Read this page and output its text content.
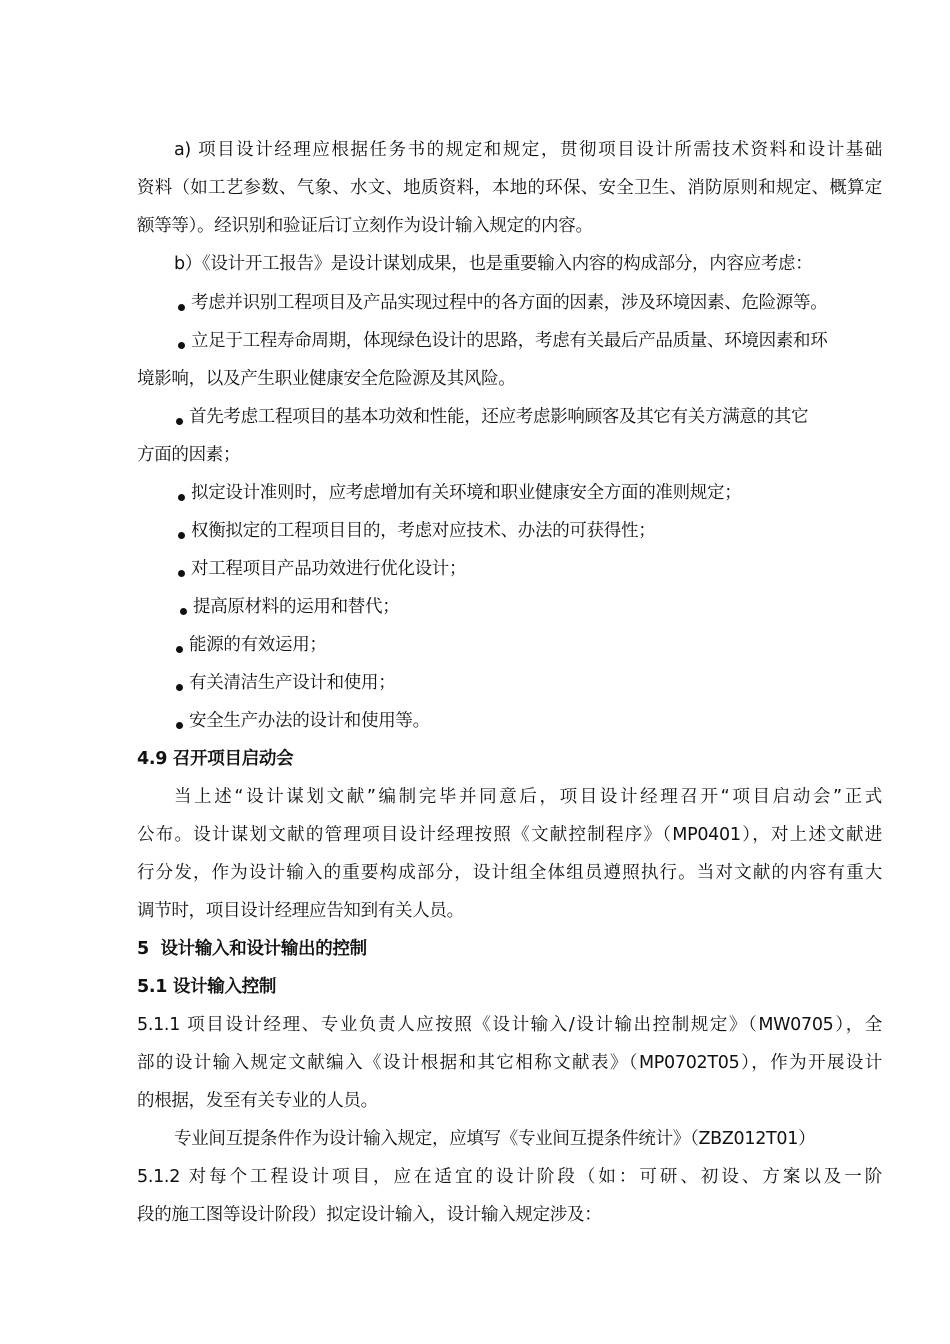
a) 项目设计经理应根据任务书的规定和规定，贯彻项目设计所需技术资料和设计基础
资料（如工艺参数、气象、水文、地质资料，本地的环保、安全卫生、消防原则和规定、概算定
额等等）。经识别和验证后订立刻作为设计输入规定的内容。
b）《设计开工报告》是设计谋划成果，也是重要输入内容的构成部分，内容应考虑：
考虑并识别工程项目及产品实现过程中的各方面的因素，涉及环境因素、危险源等。
立足于工程寿命周期，体现绿色设计的思路，考虑有关最后产品质量、环境因素和环
境影响，以及产生职业健康安全危险源及其风险。
首先考虑工程项目的基本功效和性能，还应考虑影响顾客及其它有关方满意的其它
方面的因素；
拟定设计准则时，应考虑增加有关环境和职业健康安全方面的准则规定；
权衡拟定的工程项目目的，考虑对应技术、办法的可获得性；
对工程项目产品功效进行优化设计；
提高原材料的运用和替代；
能源的有效运用；
有关清洁生产设计和使用；
安全生产办法的设计和使用等。
4.9 召开项目启动会
当上述“设计谋划文献”编制完毕并同意后，项目设计经理召开“项目启动会”正式
公布。设计谋划文献的管理项目设计经理按照《文献控制程序》（MP0401），对上述文献进
行分发，作为设计输入的重要构成部分，设计组全体组员遵照执行。当对文献的内容有重大
调节时，项目设计经理应告知到有关人员。
5  设计输入和设计输出的控制
5.1 设计输入控制
5.1.1 项目设计经理、专业负责人应按照《设计输入/设计输出控制规定》（MW0705），全
部的设计输入规定文献编入《设计根据和其它相称文献表》（MP0702T05），作为开展设计
的根据，发至有关专业的人员。
专业间互提条件作为设计输入规定，应填写《专业间互提条件统计》（ZBZ012T01）
5.1.2 对每个工程设计项目，应在适宜的设计阶段（如：可研、初设、方案以及一阶
段的施工图等设计阶段）拟定设计输入，设计输入规定涉及：
